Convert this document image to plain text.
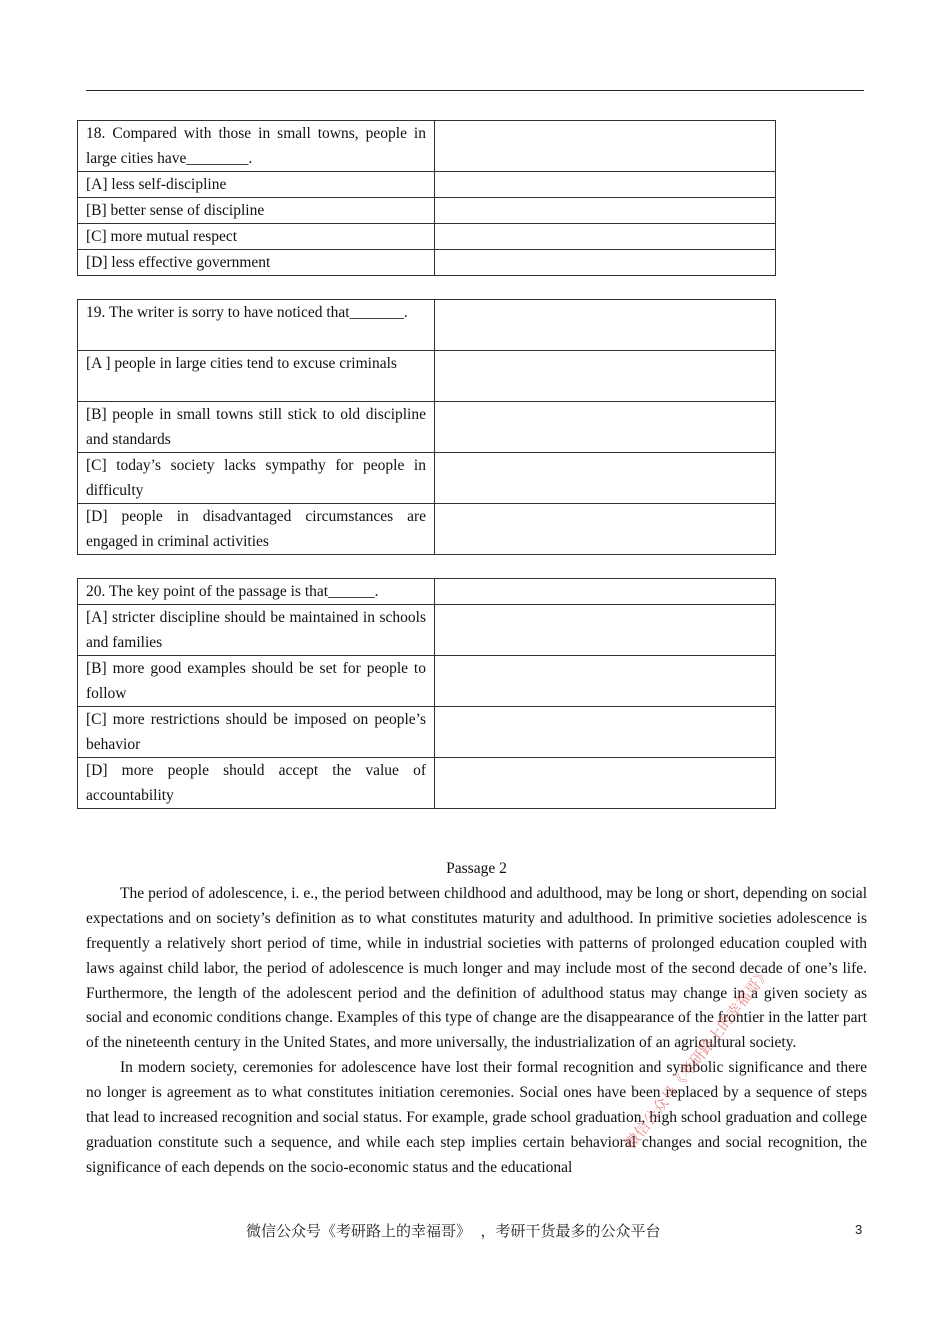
18. Compared with those in small towns, people in large cities have________.	
[A] less self-discipline	
[B] better sense of discipline	
[C] more mutual respect	
[D] less effective government	
19. The writer is sorry to have noticed that_______.	
[A ] people in large cities tend to excuse criminals	
[B] people in small towns still stick to old discipline and standards	
[C] today’s society lacks sympathy for people in difficulty	
[D] people in disadvantaged circumstances are engaged in criminal activities	
20. The key point of the passage is that______.	
[A] stricter discipline should be maintained in schools and families	
[B] more good examples should be set for people to follow	
[C] more restrictions should be imposed on people’s behavior	
[D] more people should accept the value of accountability	

Passage 2

The period of adolescence, i. e., the period between childhood and adulthood, may be long or short, depending on social expectations and on society’s definition as to what constitutes maturity and adulthood. In primitive societies adolescence is frequently a relatively short period of time, while in industrial societies with patterns of prolonged education coupled with laws against child labor, the period of adolescence is much longer and may include most of the second decade of one’s life. Furthermore, the length of the adolescent period and the definition of adulthood status may change in a given society as social and economic conditions change. Examples of this type of change are the disappearance of the frontier in the latter part of the nineteenth century in the United States, and more universally, the industrialization of an agricultural society.

In modern society, ceremonies for adolescence have lost their formal recognition and symbolic significance and there no longer is agreement as to what constitutes initiation ceremonies. Social ones have been replaced by a sequence of steps that lead to increased recognition and social status. For example, grade school graduation, high school graduation and college graduation constitute such a sequence, and while each step implies certain behavioral changes and social recognition, the significance of each depends on the socio-economic status and the educational

微信公众号《考研路上的幸福哥》
微信公众号《考研路上的幸福哥》  ，考研干货最多的公众平台	3
